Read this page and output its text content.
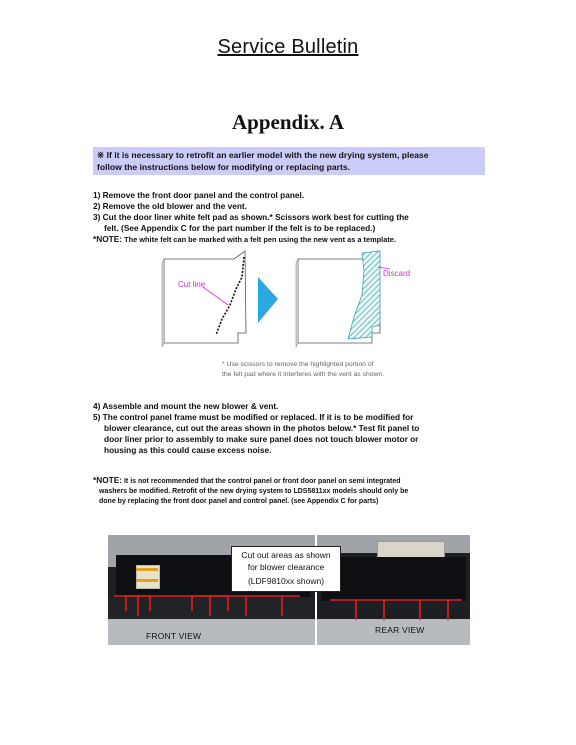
Service Bulletin
Appendix. A
※ If it is necessary to retrofit an earlier model with the new drying system, please
follow the instructions below for modifying or replacing parts.
1) Remove the front door panel and the control panel.
2) Remove the old blower and the vent.
3) Cut the door liner white felt pad as shown.* Scissors work best for cutting the
felt. (See Appendix C for the part number if the felt is to be replaced.)
*NOTE: The white felt can be marked with a felt pen using the new vent as a template.
Cut line
Discard
* Use scissors to remove the highlighted portion of
the felt pad where it interferes with the vent as shown.
4) Assemble and mount the new blower & vent.
5) The control panel frame must be modified or replaced. If it is to be modified for
blower clearance, cut out the areas shown in the photos below.* Test fit panel to
door liner prior to assembly to make sure panel does not touch blower motor or
housing as this could cause excess noise.
*NOTE: It is not recommended that the control panel or front door panel on semi integrated
washers be modified. Retrofit of the new drying system to LDS5811xx models should only be
done by replacing the front door panel and control panel. (see Appendix C for parts)
FRONT VIEW
REAR VIEW
Cut out areas as shown
for blower clearance
(LDF9810xx shown)
